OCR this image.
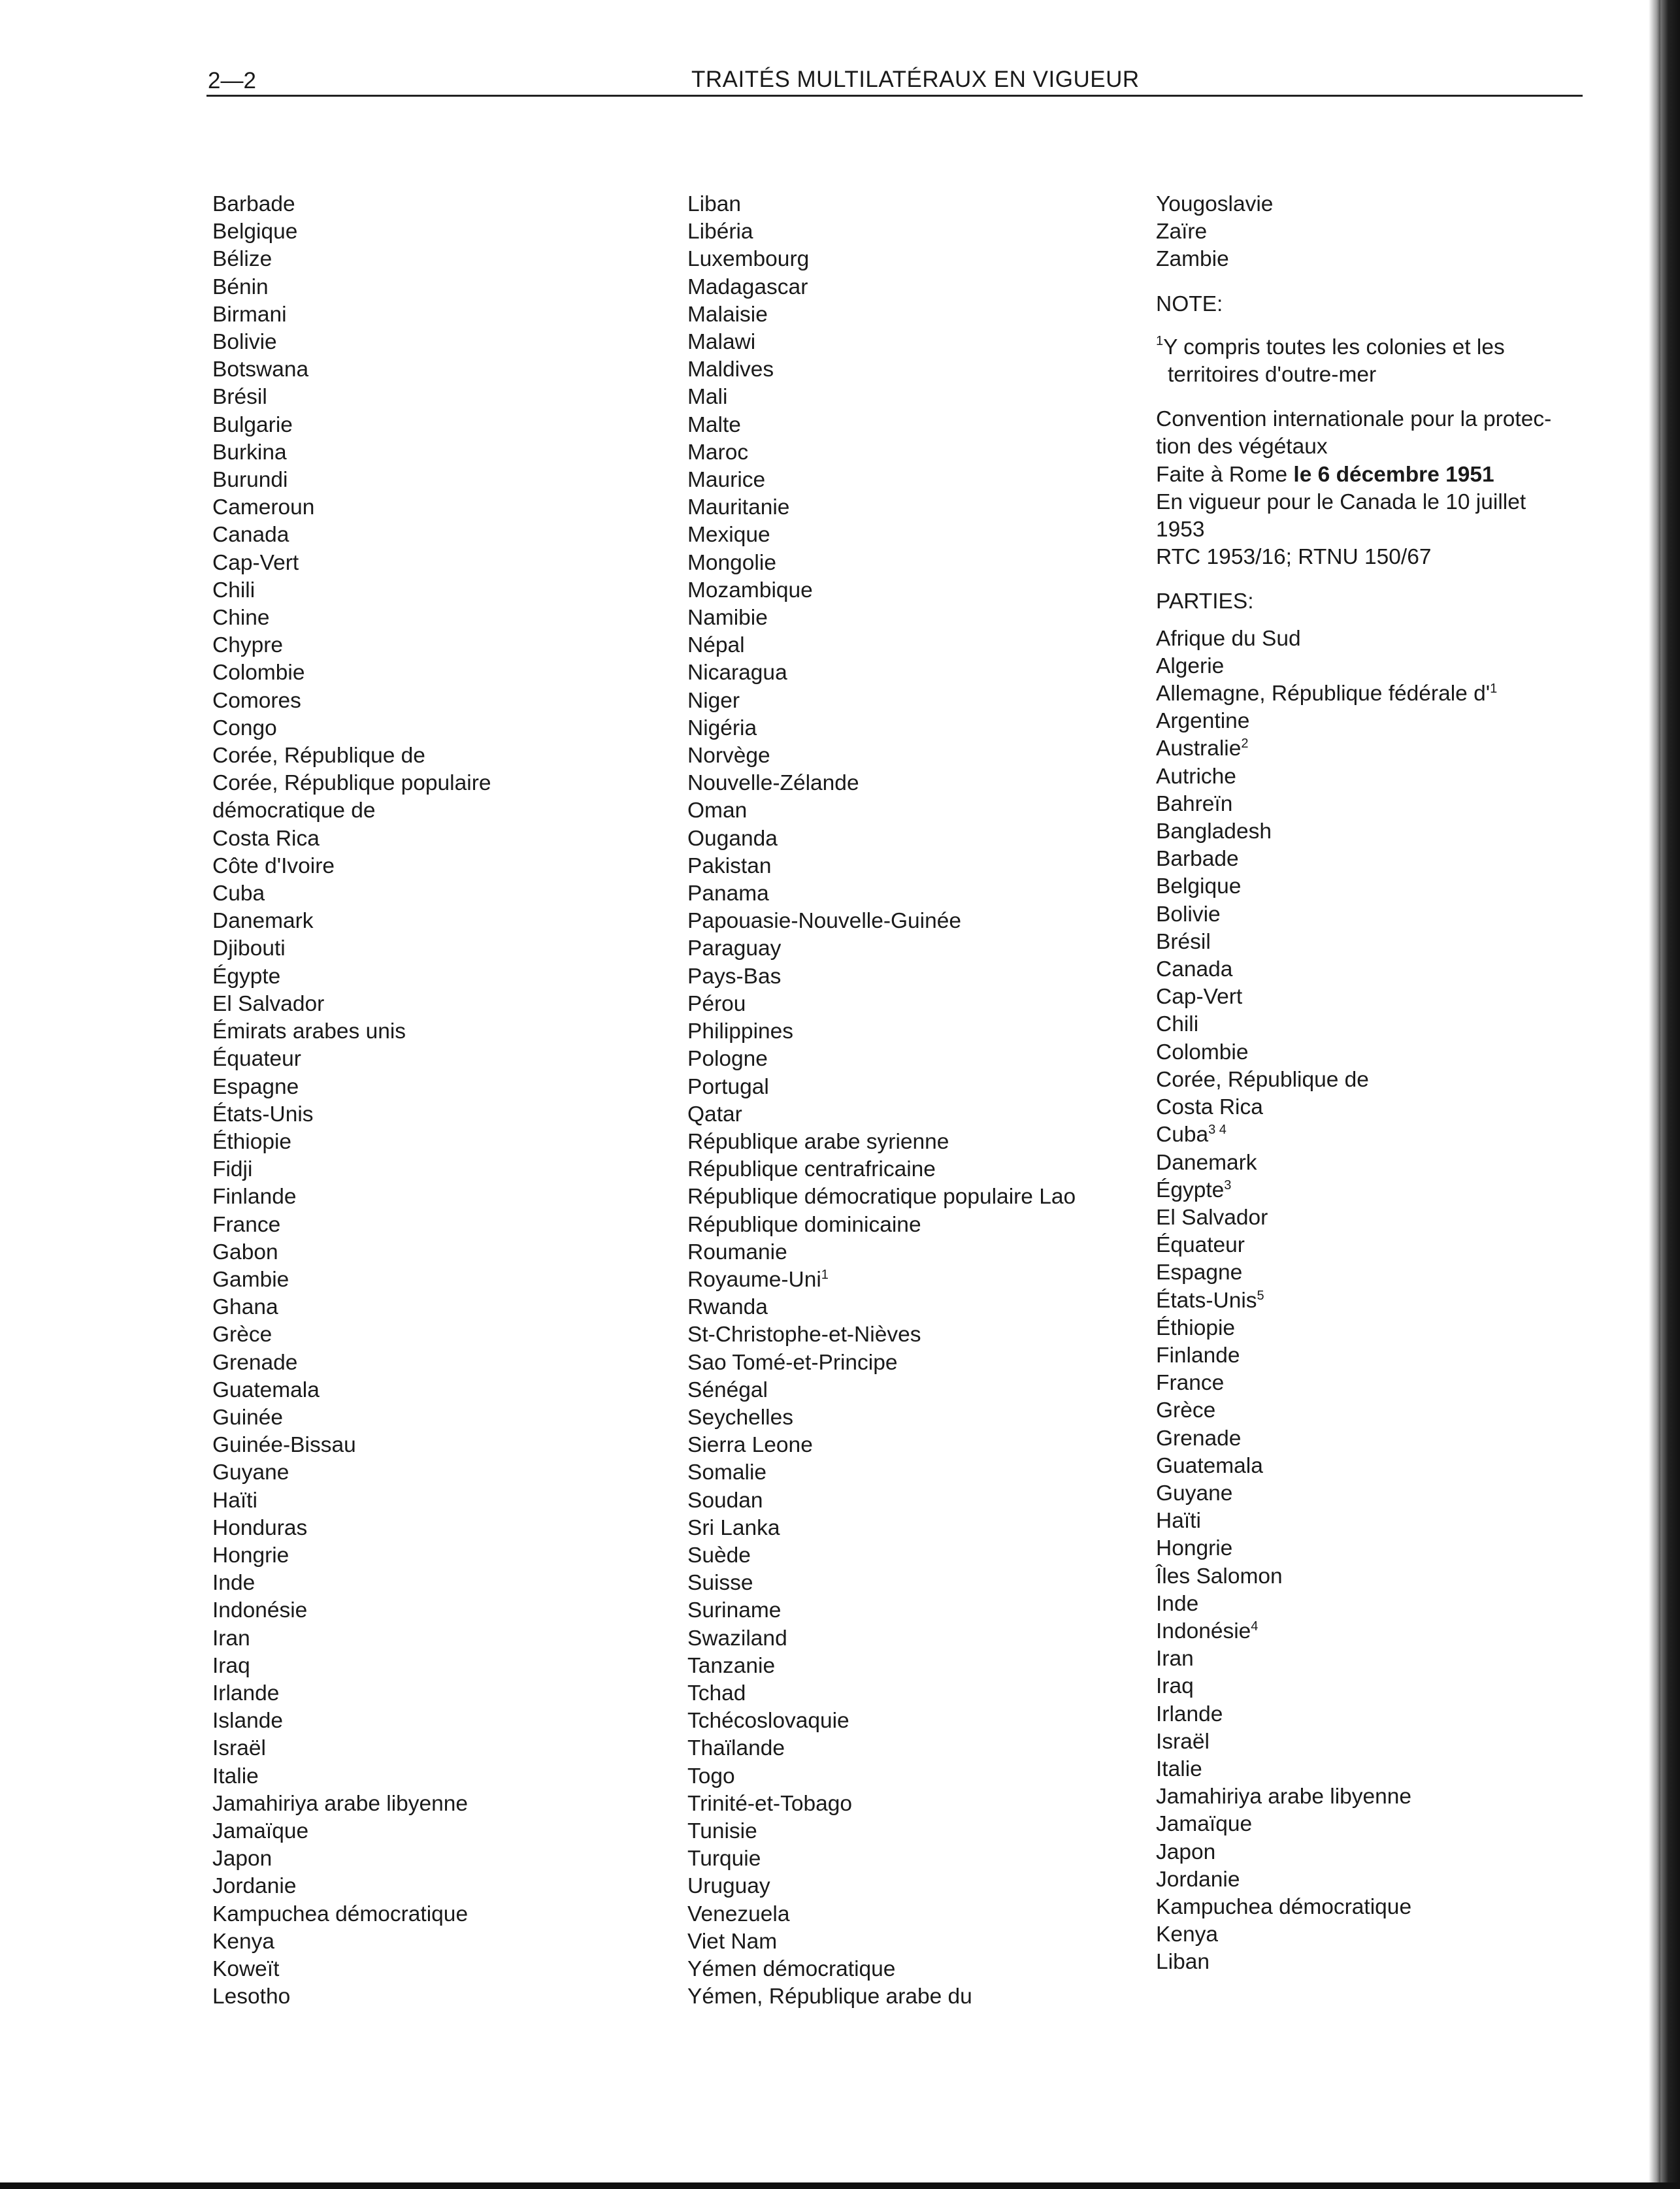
2—2	TRAITÉS MULTILATÉRAUX EN VIGUEUR
Barbade
Belgique
Bélize
Bénin
Birmani
Bolivie
Botswana
Brésil
Bulgarie
Burkina
Burundi
Cameroun
Canada
Cap-Vert
Chili
Chine
Chypre
Colombie
Comores
Congo
Corée, République de
Corée, République populaire
démocratique de
Costa Rica
Côte d'Ivoire
Cuba
Danemark
Djibouti
Égypte
El Salvador
Émirats arabes unis
Équateur
Espagne
États-Unis
Éthiopie
Fidji
Finlande
France
Gabon
Gambie
Ghana
Grèce
Grenade
Guatemala
Guinée
Guinée-Bissau
Guyane
Haïti
Honduras
Hongrie
Inde
Indonésie
Iran
Iraq
Irlande
Islande
Israël
Italie
Jamahiriya arabe libyenne
Jamaïque
Japon
Jordanie
Kampuchea démocratique
Kenya
Koweït
Lesotho
Liban
Libéria
Luxembourg
Madagascar
Malaisie
Malawi
Maldives
Mali
Malte
Maroc
Maurice
Mauritanie
Mexique
Mongolie
Mozambique
Namibie
Népal
Nicaragua
Niger
Nigéria
Norvège
Nouvelle-Zélande
Oman
Ouganda
Pakistan
Panama
Papouasie-Nouvelle-Guinée
Paraguay
Pays-Bas
Pérou
Philippines
Pologne
Portugal
Qatar
République arabe syrienne
République centrafricaine
République démocratique populaire Lao
République dominicaine
Roumanie
Royaume-Uni$^1$
Rwanda
St-Christophe-et-Nièves
Sao Tomé-et-Principe
Sénégal
Seychelles
Sierra Leone
Somalie
Soudan
Sri Lanka
Suède
Suisse
Suriname
Swaziland
Tanzanie
Tchad
Tchécoslovaquie
Thaïlande
Togo
Trinité-et-Tobago
Tunisie
Turquie
Uruguay
Venezuela
Viet Nam
Yémen démocratique
Yémen, République arabe du
Yougoslavie
Zaïre
Zambie
NOTE:
$^1$Y compris toutes les colonies et les
territoires d'outre-mer
Convention internationale pour la protec-
tion des végétaux
Faite à Rome le 6 décembre 1951
En vigueur pour le Canada le 10 juillet
1953
RTC 1953/16; RTNU 150/67
PARTIES:
Afrique du Sud
Algerie
Allemagne, République fédérale $d'^1$
Argentine
Australie$^2$
Autriche
Bahreïn
Bangladesh
Barbade
Belgique
Bolivie
Brésil
Canada
Cap-Vert
Chili
Colombie
Corée, République de
Costa Rica
Cuba$^{3 4}$
Danemark
Égypte$^3$
El Salvador
Équateur
Espagne
États-Unis$^5$
Éthiopie
Finlande
France
Grèce
Grenade
Guatemala
Guyane
Haïti
Hongrie
Îles Salomon
Inde
Indonésie$^4$
Iran
Iraq
Irlande
Israël
Italie
Jamahiriya arabe libyenne
Jamaïque
Japon
Jordanie
Kampuchea démocratique
Kenya
Liban
